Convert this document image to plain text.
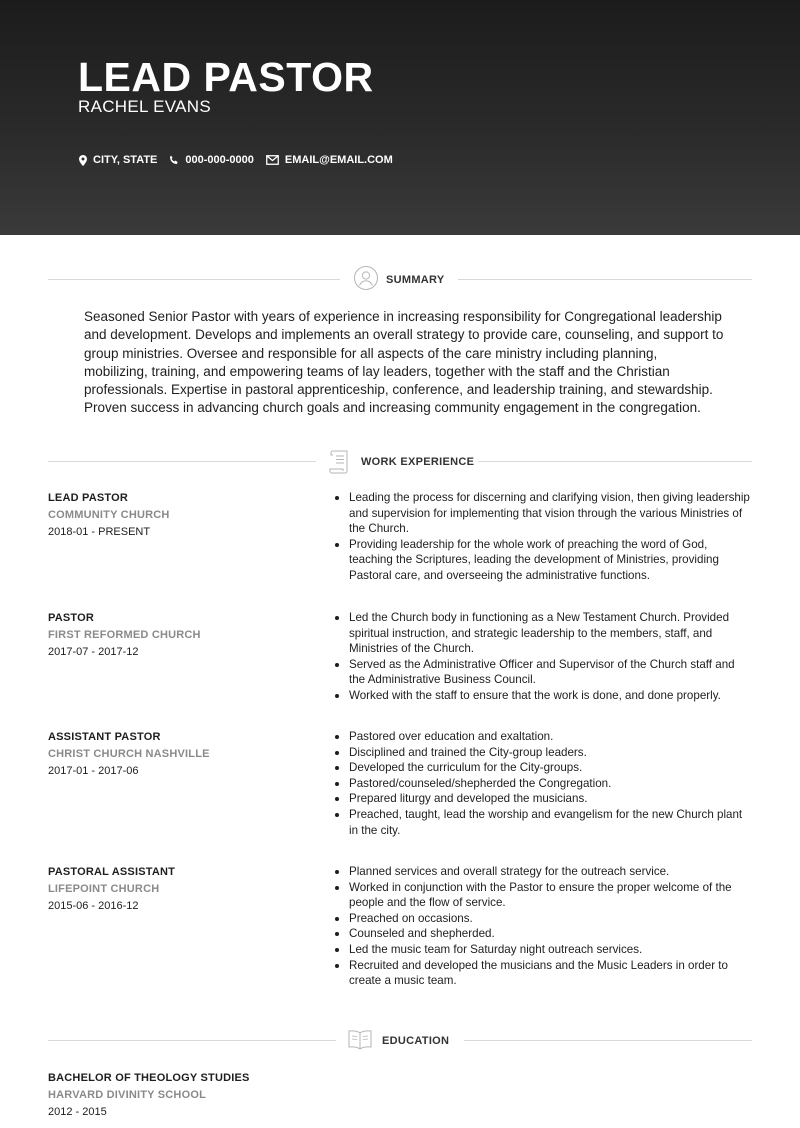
LEAD PASTOR
RACHEL EVANS
CITY, STATE	000-000-0000	EMAIL@EMAIL.COM
SUMMARY
Seasoned Senior Pastor with years of experience in increasing responsibility for Congregational leadership and development. Develops and implements an overall strategy to provide care, counseling, and support to group ministries. Oversee and responsible for all aspects of the care ministry including planning, mobilizing, training, and empowering teams of lay leaders, together with the staff and the Christian professionals. Expertise in pastoral apprenticeship, conference, and leadership training, and stewardship. Proven success in advancing church goals and increasing community engagement in the congregation.
WORK EXPERIENCE
LEAD PASTOR
COMMUNITY CHURCH
2018-01 - PRESENT
Leading the process for discerning and clarifying vision, then giving leadership and supervision for implementing that vision through the various Ministries of the Church.
Providing leadership for the whole work of preaching the word of God, teaching the Scriptures, leading the development of Ministries, providing Pastoral care, and overseeing the administrative functions.
PASTOR
FIRST REFORMED CHURCH
2017-07 - 2017-12
Led the Church body in functioning as a New Testament Church. Provided spiritual instruction, and strategic leadership to the members, staff, and Ministries of the Church.
Served as the Administrative Officer and Supervisor of the Church staff and the Administrative Business Council.
Worked with the staff to ensure that the work is done, and done properly.
ASSISTANT PASTOR
CHRIST CHURCH NASHVILLE
2017-01 - 2017-06
Pastored over education and exaltation.
Disciplined and trained the City-group leaders.
Developed the curriculum for the City-groups.
Pastored/counseled/shepherded the Congregation.
Prepared liturgy and developed the musicians.
Preached, taught, lead the worship and evangelism for the new Church plant in the city.
PASTORAL ASSISTANT
LIFEPOINT CHURCH
2015-06 - 2016-12
Planned services and overall strategy for the outreach service.
Worked in conjunction with the Pastor to ensure the proper welcome of the people and the flow of service.
Preached on occasions.
Counseled and shepherded.
Led the music team for Saturday night outreach services.
Recruited and developed the musicians and the Music Leaders in order to create a music team.
EDUCATION
BACHELOR OF THEOLOGY STUDIES
HARVARD DIVINITY SCHOOL
2012 - 2015
